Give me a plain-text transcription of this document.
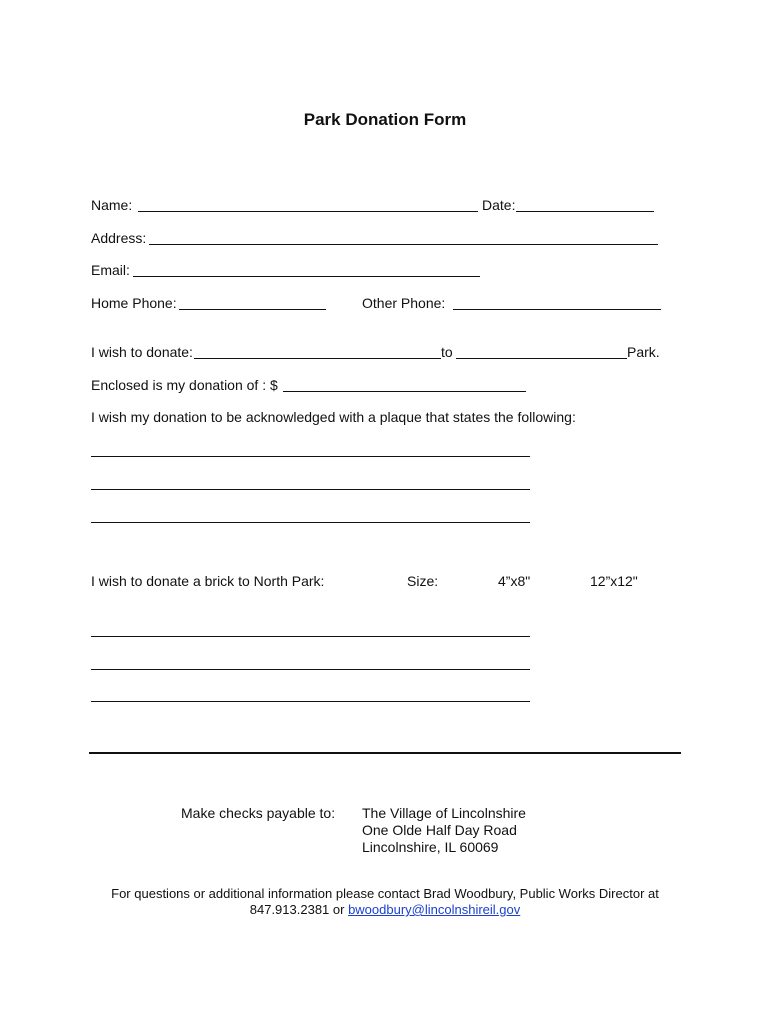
Park Donation Form
Name:	Date:
Address:
Email:
Home Phone:	Other Phone:
I wish to donate:	to	Park.
Enclosed is my donation of : $
I wish my donation to be acknowledged with a plaque that states the following:
I wish to donate a brick to North Park:	Size:	4”x8"	12”x12"
Make checks payable to: The Village of Lincolnshire
One Olde Half Day Road
Lincolnshire, IL 60069
For questions or additional information please contact Brad Woodbury, Public Works Director at
847.913.2381 or bwoodbury@lincolnshireil.gov
